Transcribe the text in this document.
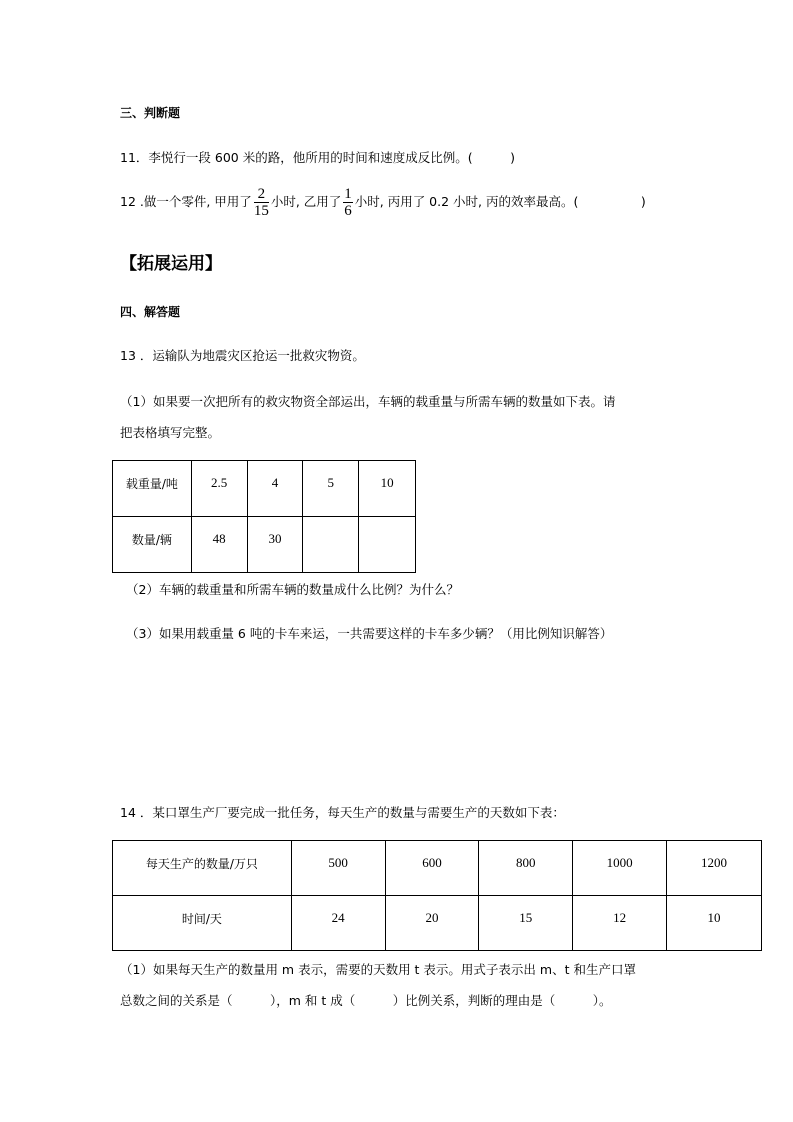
三、判断题
11．李悦行一段 600 米的路，他所用的时间和速度成反比例。(　　　)
12 .做一个零件, 甲用了 $\frac{2}{15}$ 小时, 乙用了 $\frac{1}{6}$ 小时, 丙用了 0.2 小时, 丙的效率最高。(　　　　　)
【拓展运用】
四、解答题
13 ．运输队为地震灾区抢运一批救灾物资。
（1）如果要一次把所有的救灾物资全部运出，车辆的载重量与所需车辆的数量如下表。请
把表格填写完整。
载重量/吨	2.5	4	5	10
数量/辆	48	30		
（2）车辆的载重量和所需车辆的数量成什么比例？为什么？
（3）如果用载重量 6 吨的卡车来运，一共需要这样的卡车多少辆？（用比例知识解答）
14 ．某口罩生产厂要完成一批任务，每天生产的数量与需要生产的天数如下表：
每天生产的数量/万只	500	600	800	1000	1200
时间/天	24	20	15	12	10
（1）如果每天生产的数量用 m 表示，需要的天数用 t 表示。用式子表示出 m、t 和生产口罩
总数之间的关系是（　　　），m 和 t 成（　　　）比例关系，判断的理由是（　　　）。
